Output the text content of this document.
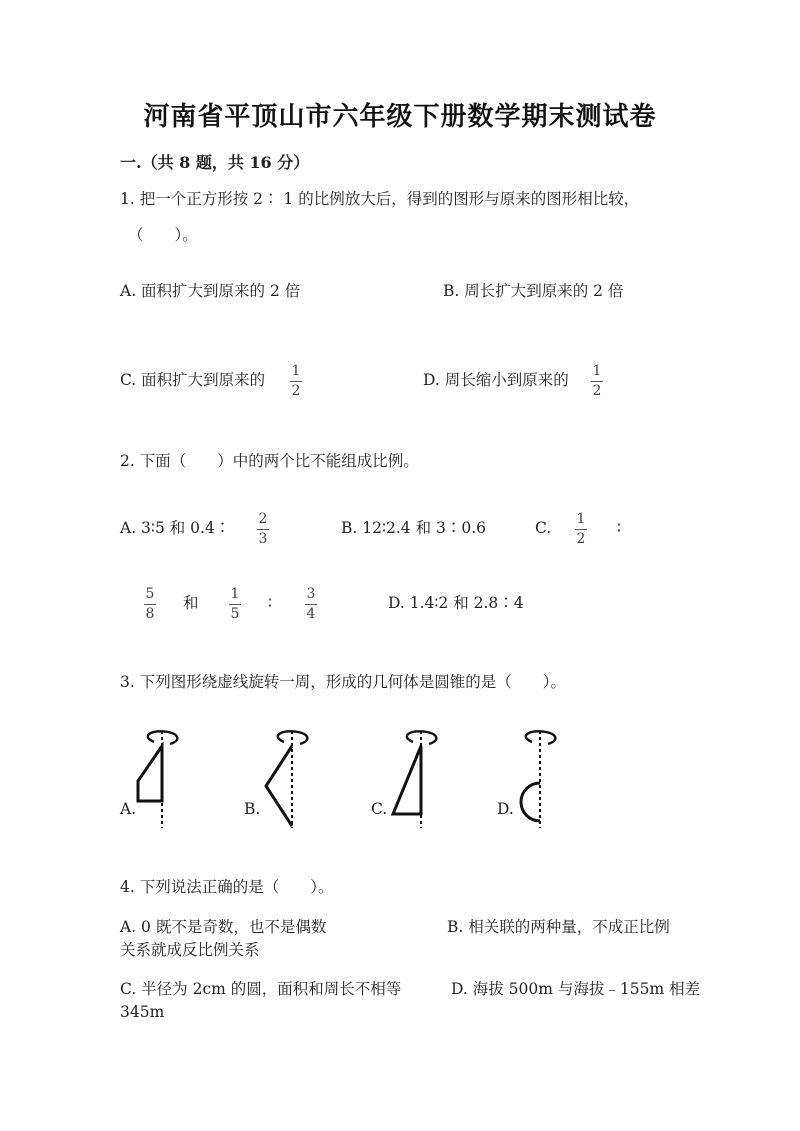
河南省平顶山市六年级下册数学期末测试卷
一.（共 8 题，共 16 分）
1. 把一个正方形按 2∶ 1 的比例放大后，得到的图形与原来的图形相比较，
（　　）。
A. 面积扩大到原来的 2 倍	B. 周长扩大到原来的 2 倍
C. 面积扩大到原来的 1
2
D. 周长缩小到原来的 1
2
2. 下面（　　）中的两个比不能组成比例。
A. 3∶5 和 0.4∶ 2
3
B. 12∶2.4 和 3∶0.6	C. 1
2
∶
5
8
和 1
5
∶ 3
4
D. 1.4∶2 和 2.8∶4
3. 下列图形绕虚线旋转一周，形成的几何体是圆锥的是（　　）。
A.	B.	C.	D.
4. 下列说法正确的是（　　）。
A. 0 既不是奇数，也不是偶数	B. 相关联的两种量，不成正比例
关系就成反比例关系
C. 半径为 2cm 的圆，面积和周长不相等	D. 海拔 500m 与海拔﹣155m 相差
345m
